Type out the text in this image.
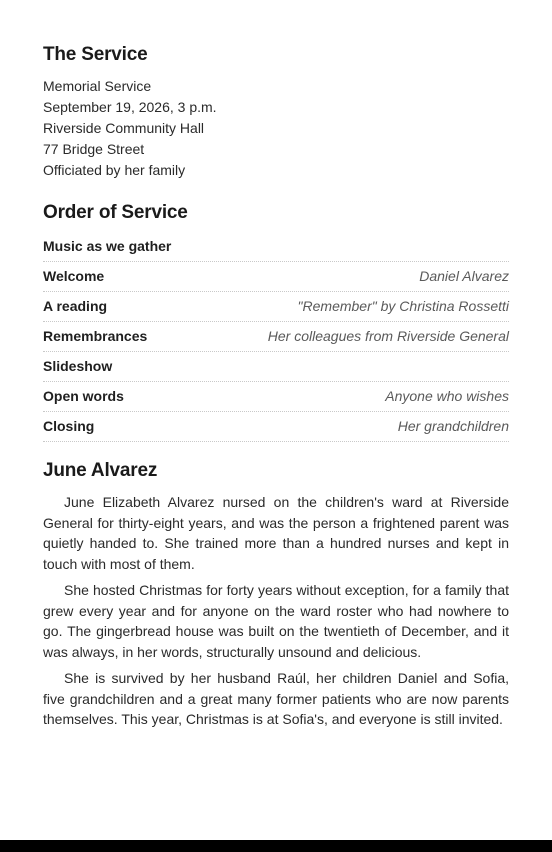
The Service
Memorial Service
September 19, 2026, 3 p.m.
Riverside Community Hall
77 Bridge Street
Officiated by her family
Order of Service
Music as we gather
Welcome	Daniel Alvarez
A reading	"Remember" by Christina Rossetti
Remembrances	Her colleagues from Riverside General
Slideshow
Open words	Anyone who wishes
Closing	Her grandchildren
June Alvarez

June Elizabeth Alvarez nursed on the children's ward at Riverside General for thirty-eight years, and was the person a frightened parent was quietly handed to. She trained more than a hundred nurses and kept in touch with most of them.

She hosted Christmas for forty years without exception, for a family that grew every year and for anyone on the ward roster who had nowhere to go. The gingerbread house was built on the twentieth of December, and it was always, in her words, structurally unsound and delicious.

She is survived by her husband Raúl, her children Daniel and Sofia, five grandchildren and a great many former patients who are now parents themselves. This year, Christmas is at Sofia's, and everyone is still invited.
